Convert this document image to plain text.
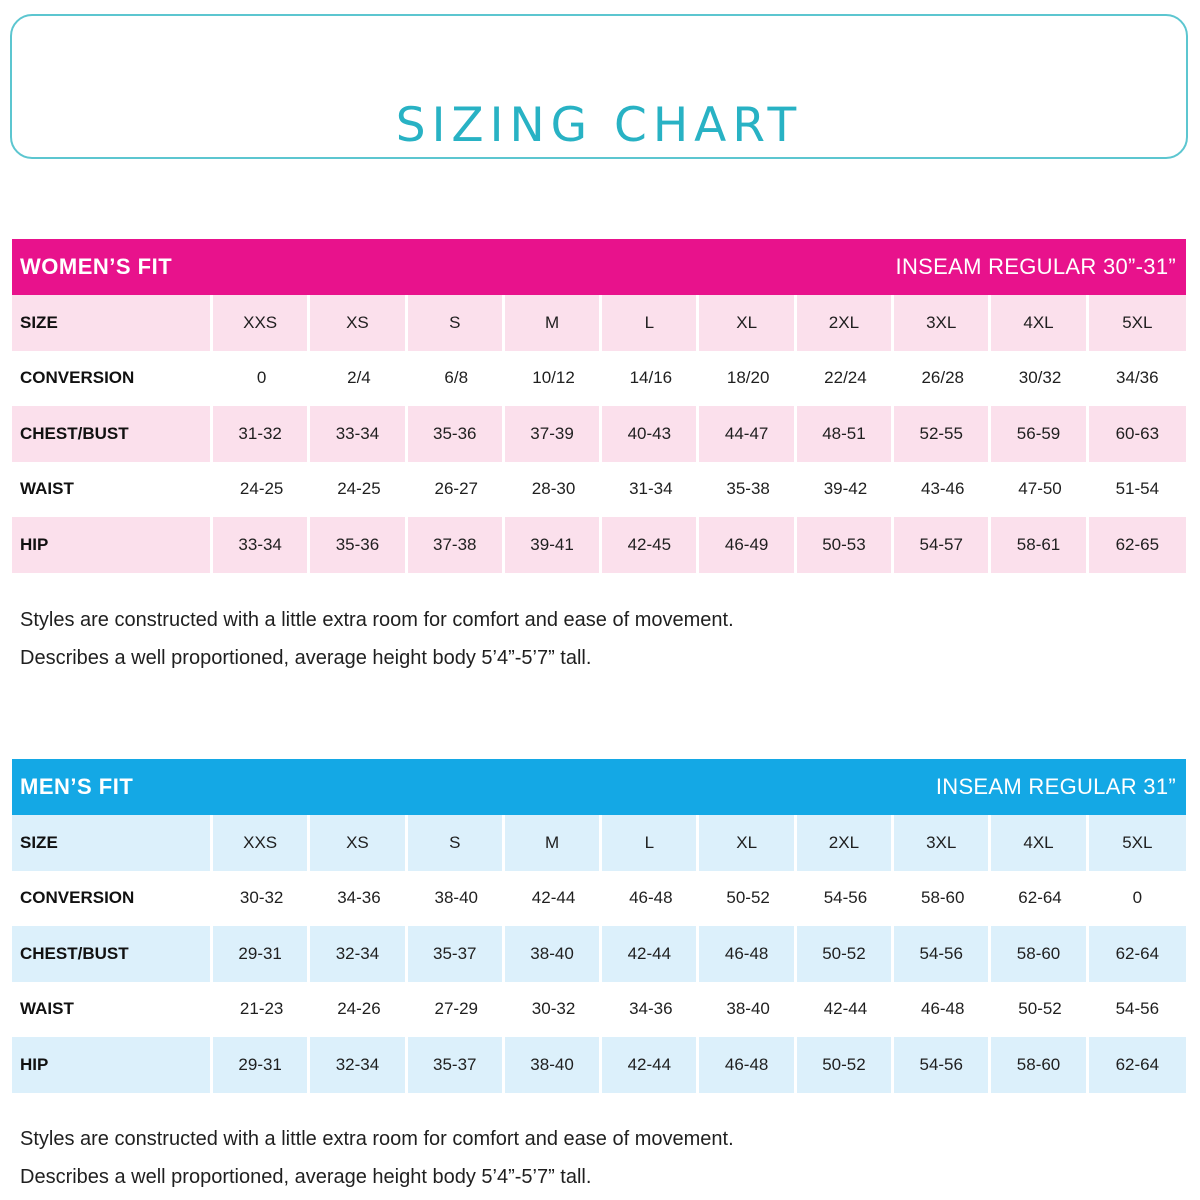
SIZING CHART
WOMEN’S FIT	INSEAM REGULAR 30”-31”
SIZE	XXS	XS	S	M	L	XL	2XL	3XL	4XL	5XL
CONVERSION	0	2/4	6/8	10/12	14/16	18/20	22/24	26/28	30/32	34/36
CHEST/BUST	31-32	33-34	35-36	37-39	40-43	44-47	48-51	52-55	56-59	60-63
WAIST	24-25	24-25	26-27	28-30	31-34	35-38	39-42	43-46	47-50	51-54
HIP	33-34	35-36	37-38	39-41	42-45	46-49	50-53	54-57	58-61	62-65
Styles are constructed with a little extra room for comfort and ease of movement.
Describes a well proportioned, average height body 5’4”-5’7” tall.
MEN’S FIT	INSEAM REGULAR 31”
SIZE	XXS	XS	S	M	L	XL	2XL	3XL	4XL	5XL
CONVERSION	30-32	34-36	38-40	42-44	46-48	50-52	54-56	58-60	62-64	0
CHEST/BUST	29-31	32-34	35-37	38-40	42-44	46-48	50-52	54-56	58-60	62-64
WAIST	21-23	24-26	27-29	30-32	34-36	38-40	42-44	46-48	50-52	54-56
HIP	29-31	32-34	35-37	38-40	42-44	46-48	50-52	54-56	58-60	62-64
Styles are constructed with a little extra room for comfort and ease of movement.
Describes a well proportioned, average height body 5’4”-5’7” tall.
